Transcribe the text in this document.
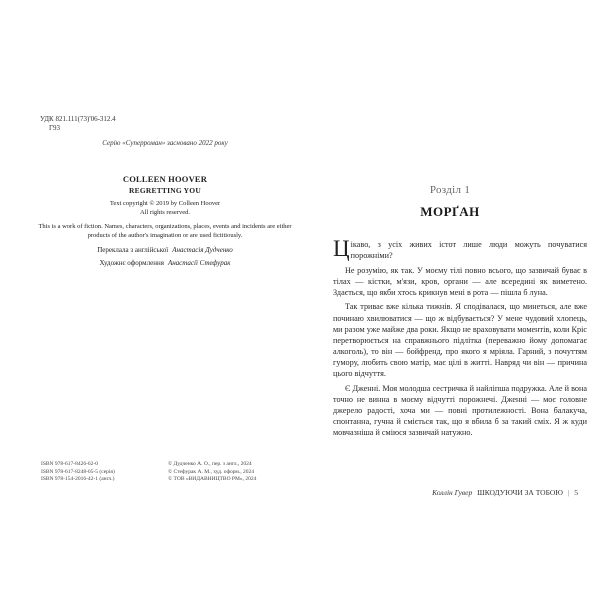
УДК 821.111(73)'06-312.4
Г93
Серію «Суперроман» засновано 2022 року
COLLEEN HOOVER
REGRETTING YOU
Text copyright © 2019 by Colleen Hoover
All rights reserved.
This is a work of fiction. Names, characters, organizations, places, events and incidents are either products of the author's imagination or are used fictitiously.
Переклала з англійської Анастасія Дудченко
Художнє оформлення Анастасії Стефурак
ISBN 978-617-8426-62-0
ISBN 978-617-8248-05-5 (серія)
ISBN 978-154-2016-42-1 (англ.)
© Дудченко А. О., пер. з англ., 2024
© Стефурак А. М., худ. оформ., 2024
© ТОВ «ВИДАВНИЦТВО РМ», 2024
Розділ 1
МОРҐАН

Цікаво, з усіх живих істот лише люди можуть почуватися порожніми?

Не розумію, як так. У моєму тілі повно всього, що зазвичай буває в тілах — кістки, м'язи, кров, органи — але всередині як виметено. Здається, що якби хтось крикнув мені в рота — пішла б луна.

Так триває вже кілька тижнів. Я сподівалася, що минеться, але вже починаю хвилюватися — що ж відбувається? У мене чудовий хлопець, ми разом уже майже два роки. Якщо не враховувати моментів, коли Кріс перетворюється на справжнього підлітка (переважно йому допомагає алкоголь), то він — бойфренд, про якого я мріяла. Гарний, з почуттям гумору, любить свою матір, має цілі в житті. Навряд чи він — причина цього відчуття.

Є Дженні. Моя молодша сестричка й найліпша подружка. Але й вона точно не винна в моєму відчутті порожнечі. Дженні — моє головне джерело радості, хоча ми — повні протилежності. Вона балакуча, спонтанна, гучна й сміється так, що я вбила б за такий сміх. Я ж куди мовчазніша й сміюся зазвичай натужно.

Коллін Гувер ШКОДУЮЧИ ЗА ТОБОЮ | 5
